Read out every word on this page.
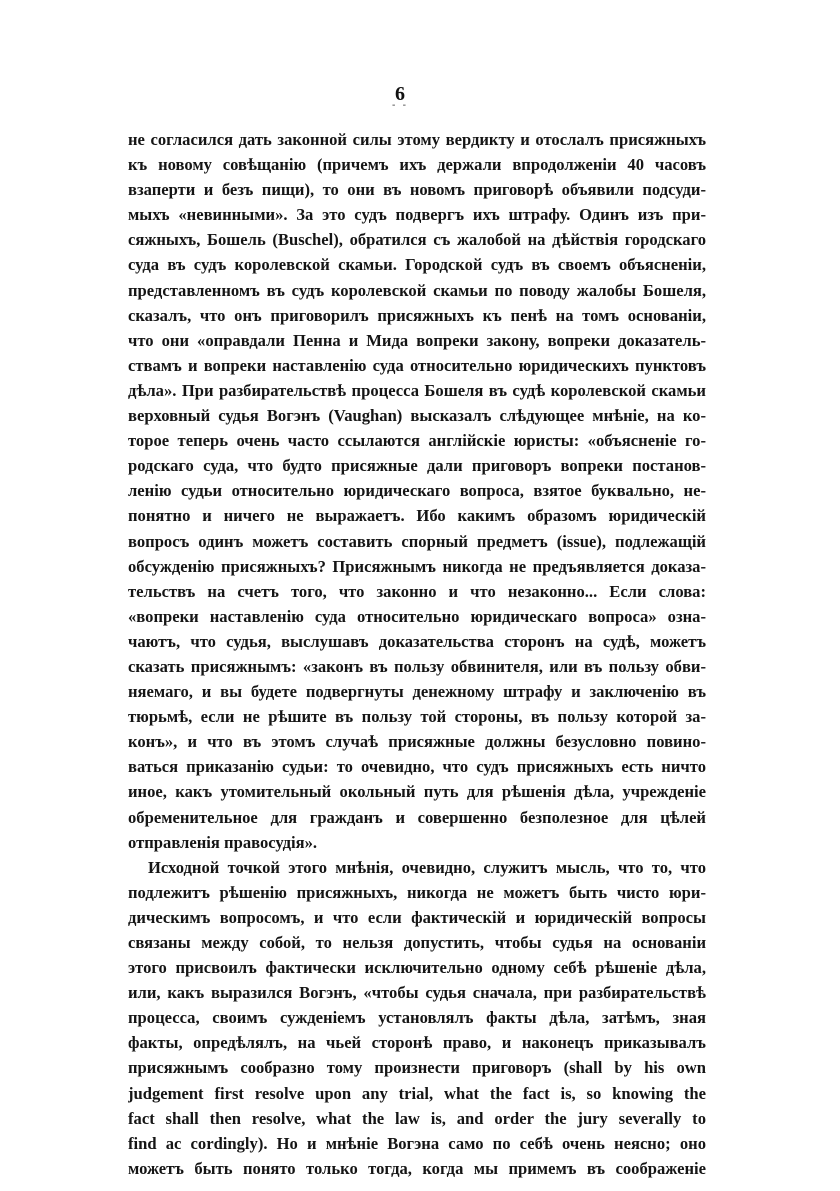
6
- -
не согласился дать законной силы этому вердикту и отослалъ присяжныхъ
къ новому совѣщанію (причемъ ихъ держали впродолженіи 40 часовъ
взаперти и безъ пищи), то они въ новомъ приговорѣ объявили подсуди-
мыхъ «невинными». За это судъ подвергъ ихъ штрафу. Одинъ изъ при-
сяжныхъ, Бошель (Buschel), обратился съ жалобой на дѣйствія городскаго
суда въ судъ королевской скамьи. Городской судъ въ своемъ объясненіи,
представленномъ въ судъ королевской скамьи по поводу жалобы Бошеля,
сказалъ, что онъ приговорилъ присяжныхъ къ пенѣ на томъ основаніи,
что они «оправдали Пенна и Мида вопреки закону, вопреки доказатель-
ствамъ и вопреки наставленію суда относительно юридическихъ пунктовъ
дѣла». При разбирательствѣ процесса Бошеля въ судѣ королевской скамьи
верховный судья Вогэнъ (Vaughan) высказалъ слѣдующее мнѣніе, на ко-
торое теперь очень часто ссылаются англійскіе юристы: «объясненіе го-
родскаго суда, что будто присяжные дали приговоръ вопреки постанов-
ленію судьи относительно юридическаго вопроса, взятое буквально, не-
понятно и ничего не выражаетъ. Ибо какимъ образомъ юридическій
вопросъ одинъ можетъ составить спорный предметъ (issue), подлежащій
обсужденію присяжныхъ? Присяжнымъ никогда не предъявляется доказа-
тельствъ на счетъ того, что законно и что незаконно... Если слова:
«вопреки наставленію суда относительно юридическаго вопроса» озна-
чаютъ, что судья, выслушавъ доказательства сторонъ на судѣ, можетъ
сказать присяжнымъ: «законъ въ пользу обвинителя, или въ пользу обви-
няемаго, и вы будете подвергнуты денежному штрафу и заключенію въ
тюрьмѣ, если не рѣшите въ пользу той стороны, въ пользу которой за-
конъ», и что въ этомъ случаѣ присяжные должны безусловно повино-
ваться приказанію судьи: то очевидно, что судъ присяжныхъ есть ничто
иное, какъ утомительный окольный путь для рѣшенія дѣла, учрежденіе
обременительное для гражданъ и совершенно безполезное для цѣлей
отправленія правосудія».
Исходной точкой этого мнѣнія, очевидно, служитъ мысль, что то, что
подлежитъ рѣшенію присяжныхъ, никогда не можетъ быть чисто юри-
дическимъ вопросомъ, и что если фактическій и юридическій вопросы
связаны между собой, то нельзя допустить, чтобы судья на основаніи
этого присвоилъ фактически исключительно одному себѣ рѣшеніе дѣла,
или, какъ выразился Вогэнъ, «чтобы судья сначала, при разбирательствѣ
процесса, своимъ сужденіемъ установлялъ факты дѣла, затѣмъ, зная
факты, опредѣлялъ, на чьей сторонѣ право, и наконецъ приказывалъ
присяжнымъ сообразно тому произнести приговоръ (shall by his own
judgement first resolve upon any trial, what the fact is, so knowing the
fact shall then resolve, what the law is, and order the jury severally to
find ac cordingly). Но и мнѣніе Вогэна само по себѣ очень неясно; оно
можетъ быть понято только тогда, когда мы примемъ въ соображеніе
